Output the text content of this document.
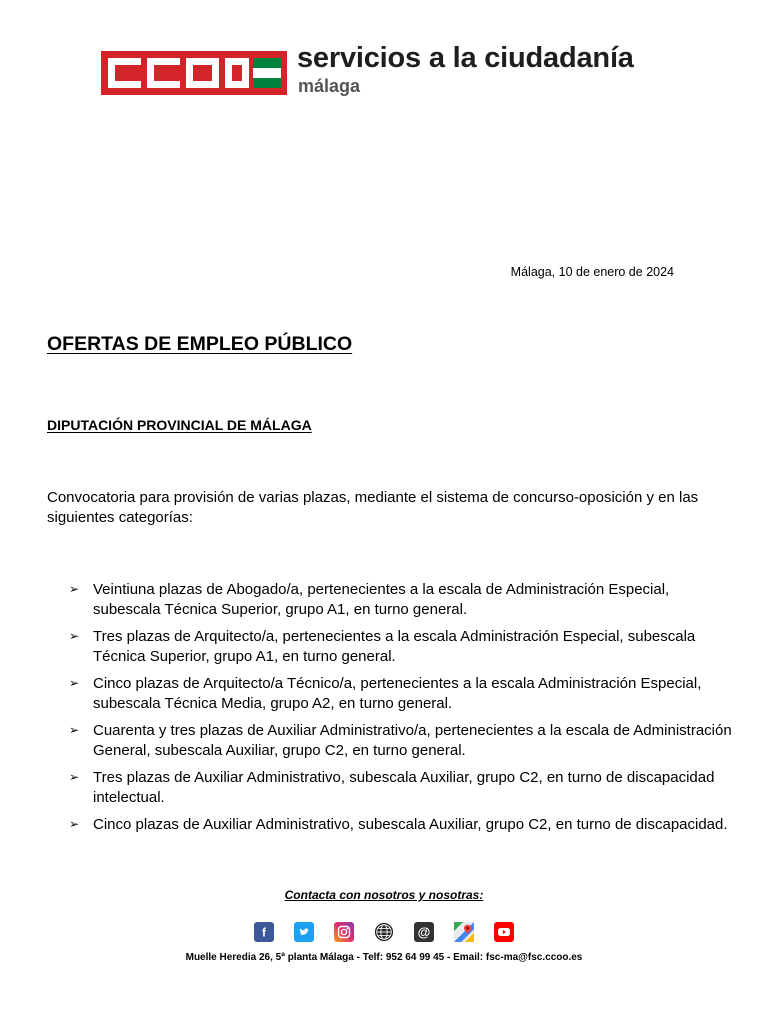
servicios a la ciudadanía
málaga
Málaga, 10 de enero de 2024
OFERTAS DE EMPLEO PÚBLICO
DIPUTACIÓN PROVINCIAL DE MÁLAGA
Convocatoria para provisión de varias plazas, mediante el sistema de concurso-oposición y en las siguientes categorías:
➢ Veintiuna plazas de Abogado/a, pertenecientes a la escala de Administración Especial, subescala Técnica Superior, grupo A1, en turno general.
➢ Tres plazas de Arquitecto/a, pertenecientes a la escala Administración Especial, subescala Técnica Superior, grupo A1, en turno general.
➢ Cinco plazas de Arquitecto/a Técnico/a, pertenecientes a la escala Administración Especial, subescala Técnica Media, grupo A2, en turno general.
➢ Cuarenta y tres plazas de Auxiliar Administrativo/a, pertenecientes a la escala de Administración General, subescala Auxiliar, grupo C2, en turno general.
➢ Tres plazas de Auxiliar Administrativo, subescala Auxiliar, grupo C2, en turno de discapacidad intelectual.
➢ Cinco plazas de Auxiliar Administrativo, subescala Auxiliar, grupo C2, en turno de discapacidad.
Contacta con nosotros y nosotras:
f	@
Muelle Heredia 26, 5ª planta Málaga - Telf: 952 64 99 45 - Email: fsc-ma@fsc.ccoo.es
